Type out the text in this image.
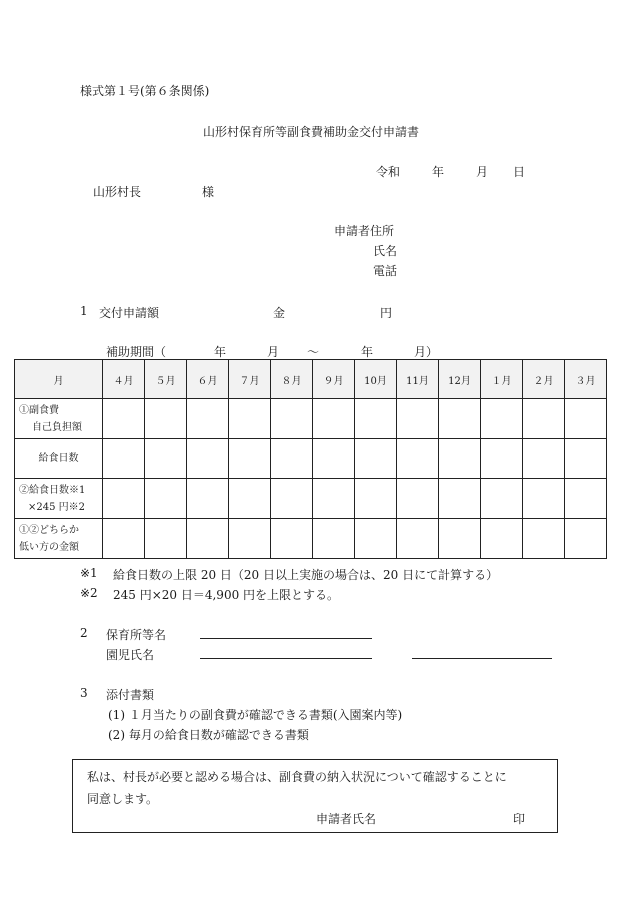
様式第１号(第６条関係)
山形村保育所等副食費補助金交付申請書
令和	年	月 日
山形村長	様
申請者住所
氏名
電話
1 交付申請額	金	円
補助期間（	年	月 ～	年	月）
月	４月	５月	６月	７月	８月	９月	10月	11月	12月	１月	２月	３月

①副食費
自己負担額												

給食日数												

②給食日数※1
×245 円※2												

①②どちらか
低い方の金額												

※1 給食日数の上限 20 日（20 日以上実施の場合は、20 日にて計算する）
※2 245 円×20 日＝4,900 円を上限とする。
2 保育所等名
園児氏名
3 添付書類
(1) １月当たりの副食費が確認できる書類(入園案内等)
(2) 毎月の給食日数が確認できる書類
私は、村長が必要と認める場合は、副食費の納入状況について確認することに
同意します。
申請者氏名	印
